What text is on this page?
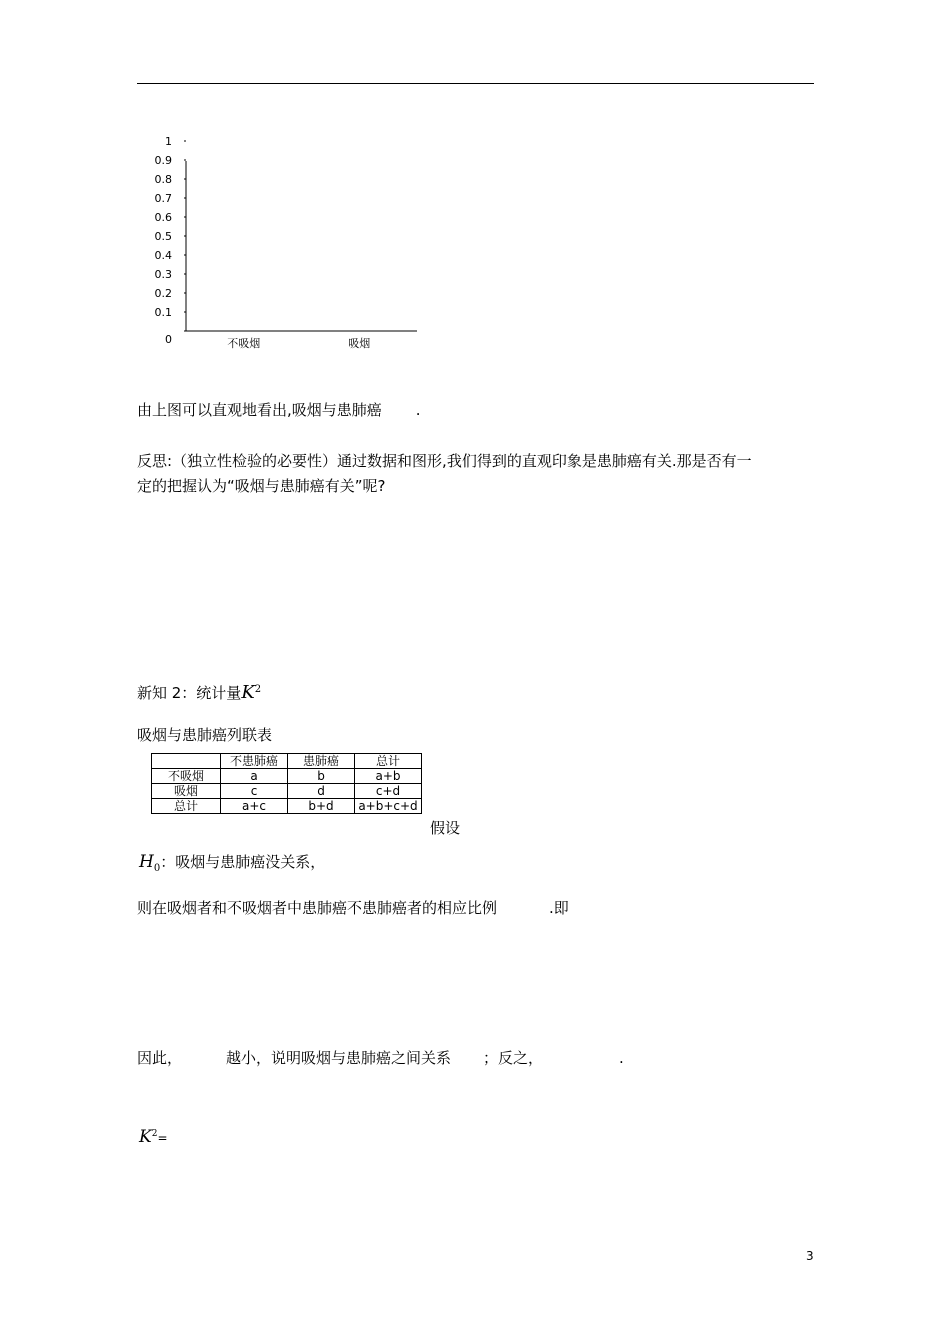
0
0.1
0.2
0.3
0.4
0.5
0.6
0.7
0.8
0.9
1
不吸烟	吸烟
由上图可以直观地看出,吸烟与患肺癌 .
反思:（独立性检验的必要性）通过数据和图形,我们得到的直观印象是患肺癌有关.那是否有一
定的把握认为“吸烟与患肺癌有关”呢?
新知 2：统计量$K^2$
吸烟与患肺癌列联表
	不患肺癌	患肺癌	总计
不吸烟	a	b	a+b
吸烟	c	d	c+d
总计	a+c	b+d	a+b+c+d
假设
$H_0$：吸烟与患肺癌没关系，
则在吸烟者和不吸烟者中患肺癌不患肺癌者的相应比例	.即
因此，	越小，说明吸烟与患肺癌之间关系 ；反之，	.
$K^2=$
3
